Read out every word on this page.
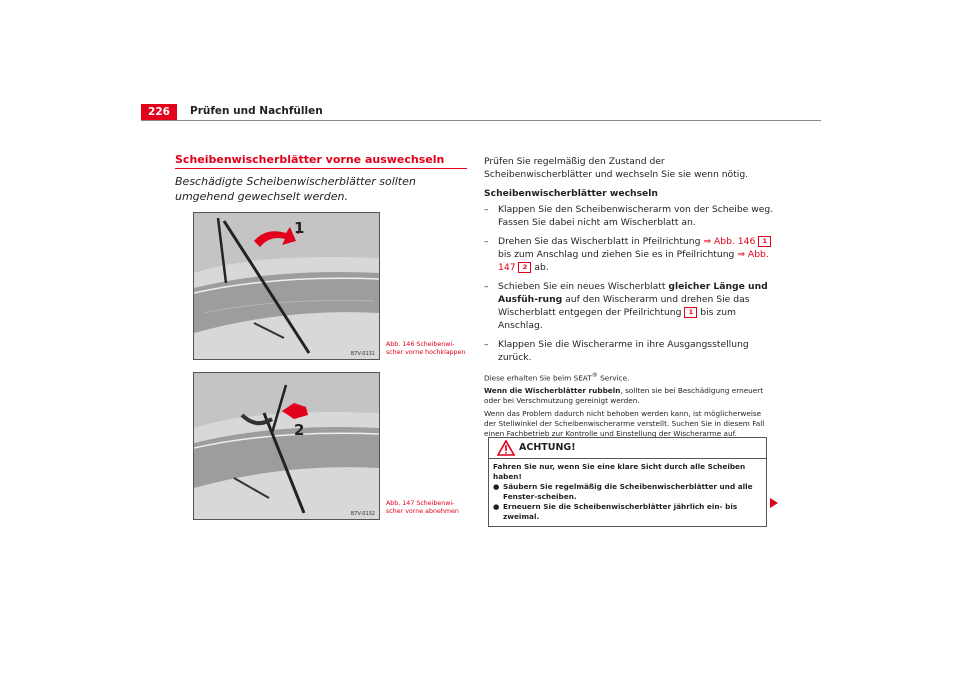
226	Prüfen und Nachfüllen
Scheibenwischerblätter vorne auswechseln
Beschädigte Scheibenwischerblätter sollten umgehend gewechselt werden.
1
B7V-0131
Abb. 146 Scheibenwi-scher vorne hochklappen
2
B7V-0132
Abb. 147 Scheibenwi-scher vorne abnehmen

Prüfen Sie regelmäßig den Zustand der Scheibenwischerblätter und wechseln Sie sie wenn nötig.

Scheibenwischerblätter wechseln

– Klappen Sie den Scheibenwischerarm von der Scheibe weg. Fassen Sie dabei nicht am Wischerblatt an.
– Drehen Sie das Wischerblatt in Pfeilrichtung ⇒ Abb. 146 1 bis zum Anschlag und ziehen Sie es in Pfeilrichtung ⇒ Abb. 147 2 ab.
– Schieben Sie ein neues Wischerblatt gleicher Länge und Ausfüh-rung auf den Wischerarm und drehen Sie das Wischerblatt entgegen der Pfeilrichtung 1 bis zum Anschlag.
– Klappen Sie die Wischerarme in ihre Ausgangsstellung zurück.

Diese erhalten Sie beim SEAT® Service.

Wenn die Wischerblätter rubbeln, sollten sie bei Beschädigung erneuert oder bei Verschmutzung gereinigt werden.

Wenn das Problem dadurch nicht behoben werden kann, ist möglicherweise der Stellwinkel der Scheibenwischerarme verstellt. Suchen Sie in diesem Fall einen Fachbetrieb zur Kontrolle und Einstellung der Wischerarme auf.

ACHTUNG!
Fahren Sie nur, wenn Sie eine klare Sicht durch alle Scheiben haben!
● Säubern Sie regelmäßig die Scheibenwischerblätter und alle Fenster-scheiben.
● Erneuern Sie die Scheibenwischerblätter jährlich ein- bis zweimal.
